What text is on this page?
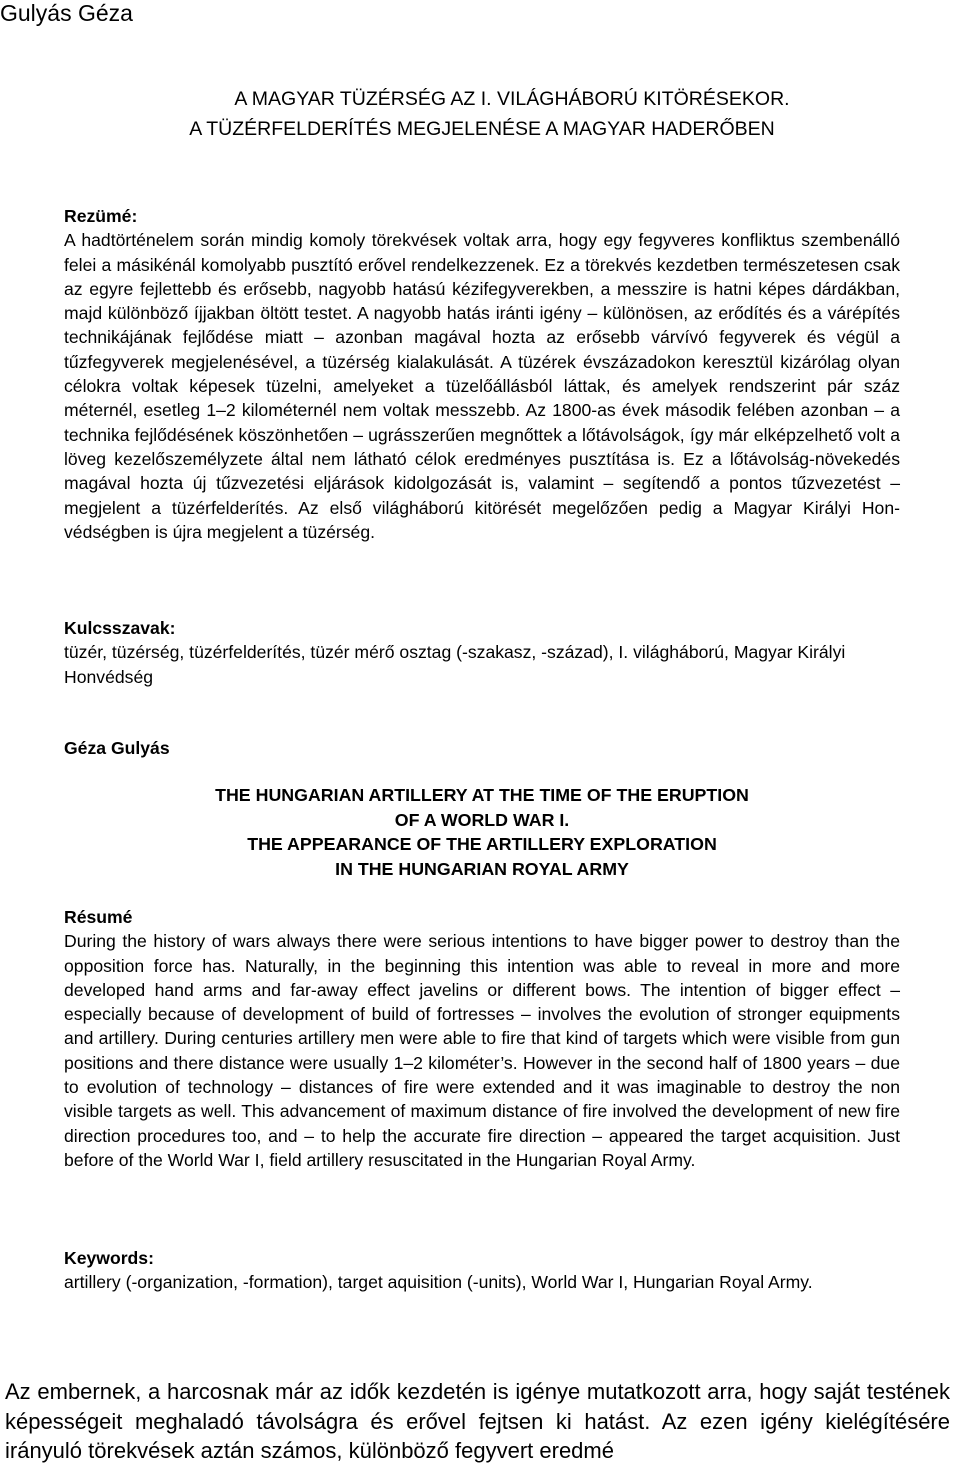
Gulyás Géza
A MAGYAR TÜZÉRSÉG AZ I. VILÁGHÁBORÚ KITÖRÉSEKOR.
A TÜZÉRFELDERÍTÉS MEGJELENÉSE A MAGYAR HADERŐBEN
Rezümé:

A hadtörténelem során mindig komoly törekvések voltak arra, hogy egy fegyveres konfliktus szembenálló felei a másikénál komolyabb pusztító erővel rendelkezzenek. Ez a törekvés kezdetben természetesen csak az egyre fejlettebb és erősebb, nagyobb hatású kézifegyverekben, a messzire is hatni képes dárdákban, majd különböző íjjakban öltött testet. A nagyobb hatás iránti igény – különösen, az erődítés és a várépítés technikájának fejlődése miatt – azonban magával hozta az erősebb várvívó fegyverek és végül a tűzfegyverek megjelenésével, a tüzérség kialakulását. A tüzérek évszázadokon keresztül kizárólag olyan célokra voltak képesek tüzelni, amelyeket a tüzelőállásból láttak, és amelyek rendszerint pár száz méternél, esetleg 1–2 kilométernél nem voltak messzebb. Az 1800-as évek második felében azonban – a technika fejlődésének köszönhetően – ugrásszerűen megnőttek a lőtávolságok, így már elképzelhető volt a löveg kezelőszemélyzete által nem látható célok eredményes pusztítása is. Ez a lőtávolság-növekedés magával hozta új tűzvezetési eljárások kidolgozását is, valamint – segítendő a pontos tűzvezetést – megjelent a tüzérfelderítés. Az első világháború kitörését megelőzően pedig a Magyar Királyi Honvédségben is újra megjelent a tüzérség.

Kulcsszavak:

tüzér, tüzérség, tüzérfelderítés, tüzér mérő osztag (-szakasz, -század), I. világháború, Magyar Királyi Honvédség

Géza Gulyás
THE HUNGARIAN ARTILLERY AT THE TIME OF THE ERUPTION
OF A WORLD WAR I.
THE APPEARANCE OF THE ARTILLERY EXPLORATION
IN THE HUNGARIAN ROYAL ARMY
Résumé

During the history of wars always there were serious intentions to have bigger power to destroy than the opposition force has. Naturally, in the beginning this intention was able to reveal in more and more developed hand arms and far-away effect javelins or different bows. The intention of bigger effect – especially because of development of build of fortresses – involves the evolution of stronger equipments and artillery. During centuries artillery men were able to fire that kind of targets which were visible from gun positions and there distance were usually 1–2 kilométer’s. However in the second half of 1800 years – due to evolution of technology – distances of fire were extended and it was imaginable to destroy the non visible targets as well. This advancement of maximum distance of fire involved the development of new fire direction procedures too, and – to help the accurate fire direction – appeared the target acquisition. Just before of the World War I, field artillery resuscitated in the Hungarian Royal Army.

Keywords:

artillery (-organization, -formation), target aquisition (-units), World War I, Hungarian Royal Army.

Az embernek, a harcosnak már az idők kezdetén is igénye mutatkozott arra, hogy saját testének képességeit meghaladó távolságra és erővel fejtsen ki hatást. Az ezen igény kielégítésére irányuló törekvések aztán számos, különböző fegyvert eredmé
